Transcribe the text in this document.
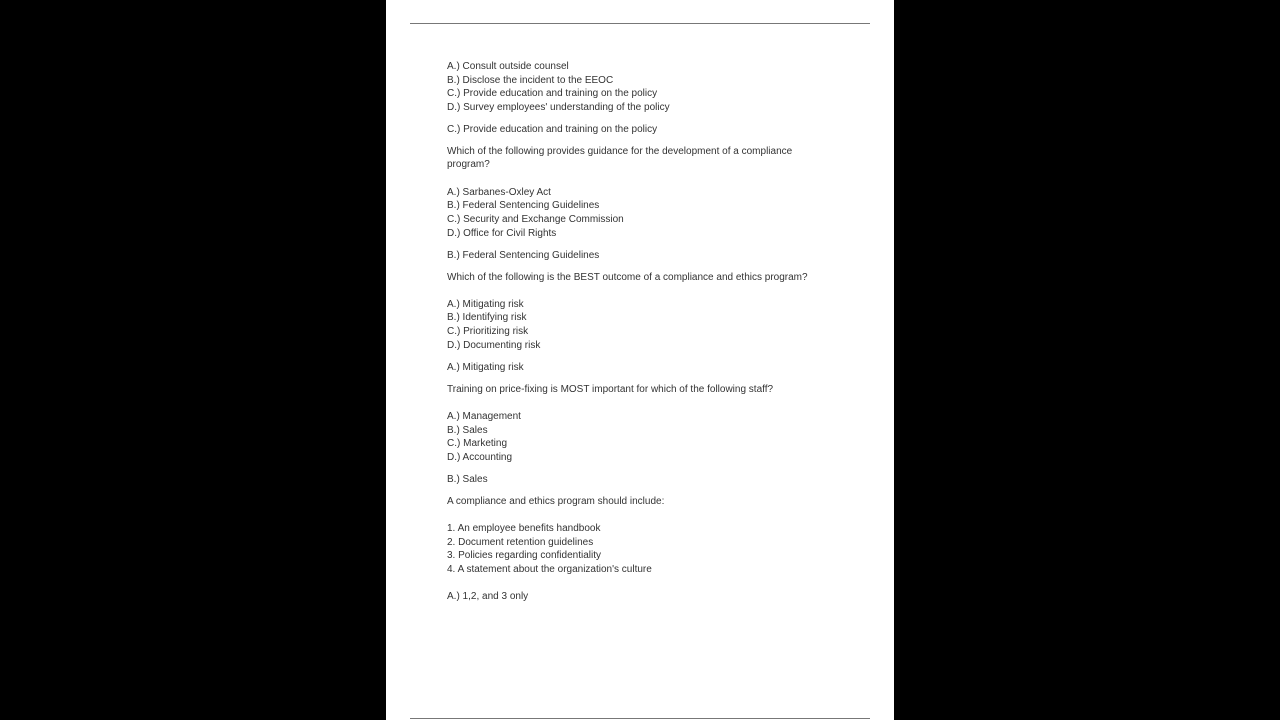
A.) Consult outside counsel
B.) Disclose the incident to the EEOC
C.) Provide education and training on the policy
D.) Survey employees' understanding of the policy
C.) Provide education and training on the policy
Which of the following provides guidance for the development of a compliance
program?
A.) Sarbanes-Oxley Act
B.) Federal Sentencing Guidelines
C.) Security and Exchange Commission
D.) Office for Civil Rights
B.) Federal Sentencing Guidelines
Which of the following is the BEST outcome of a compliance and ethics program?
A.) Mitigating risk
B.) Identifying risk
C.) Prioritizing risk
D.) Documenting risk
A.) Mitigating risk
Training on price-fixing is MOST important for which of the following staff?
A.) Management
B.) Sales
C.) Marketing
D.) Accounting
B.) Sales
A compliance and ethics program should include:
1. An employee benefits handbook
2. Document retention guidelines
3. Policies regarding confidentiality
4. A statement about the organization's culture
A.) 1,2, and 3 only
